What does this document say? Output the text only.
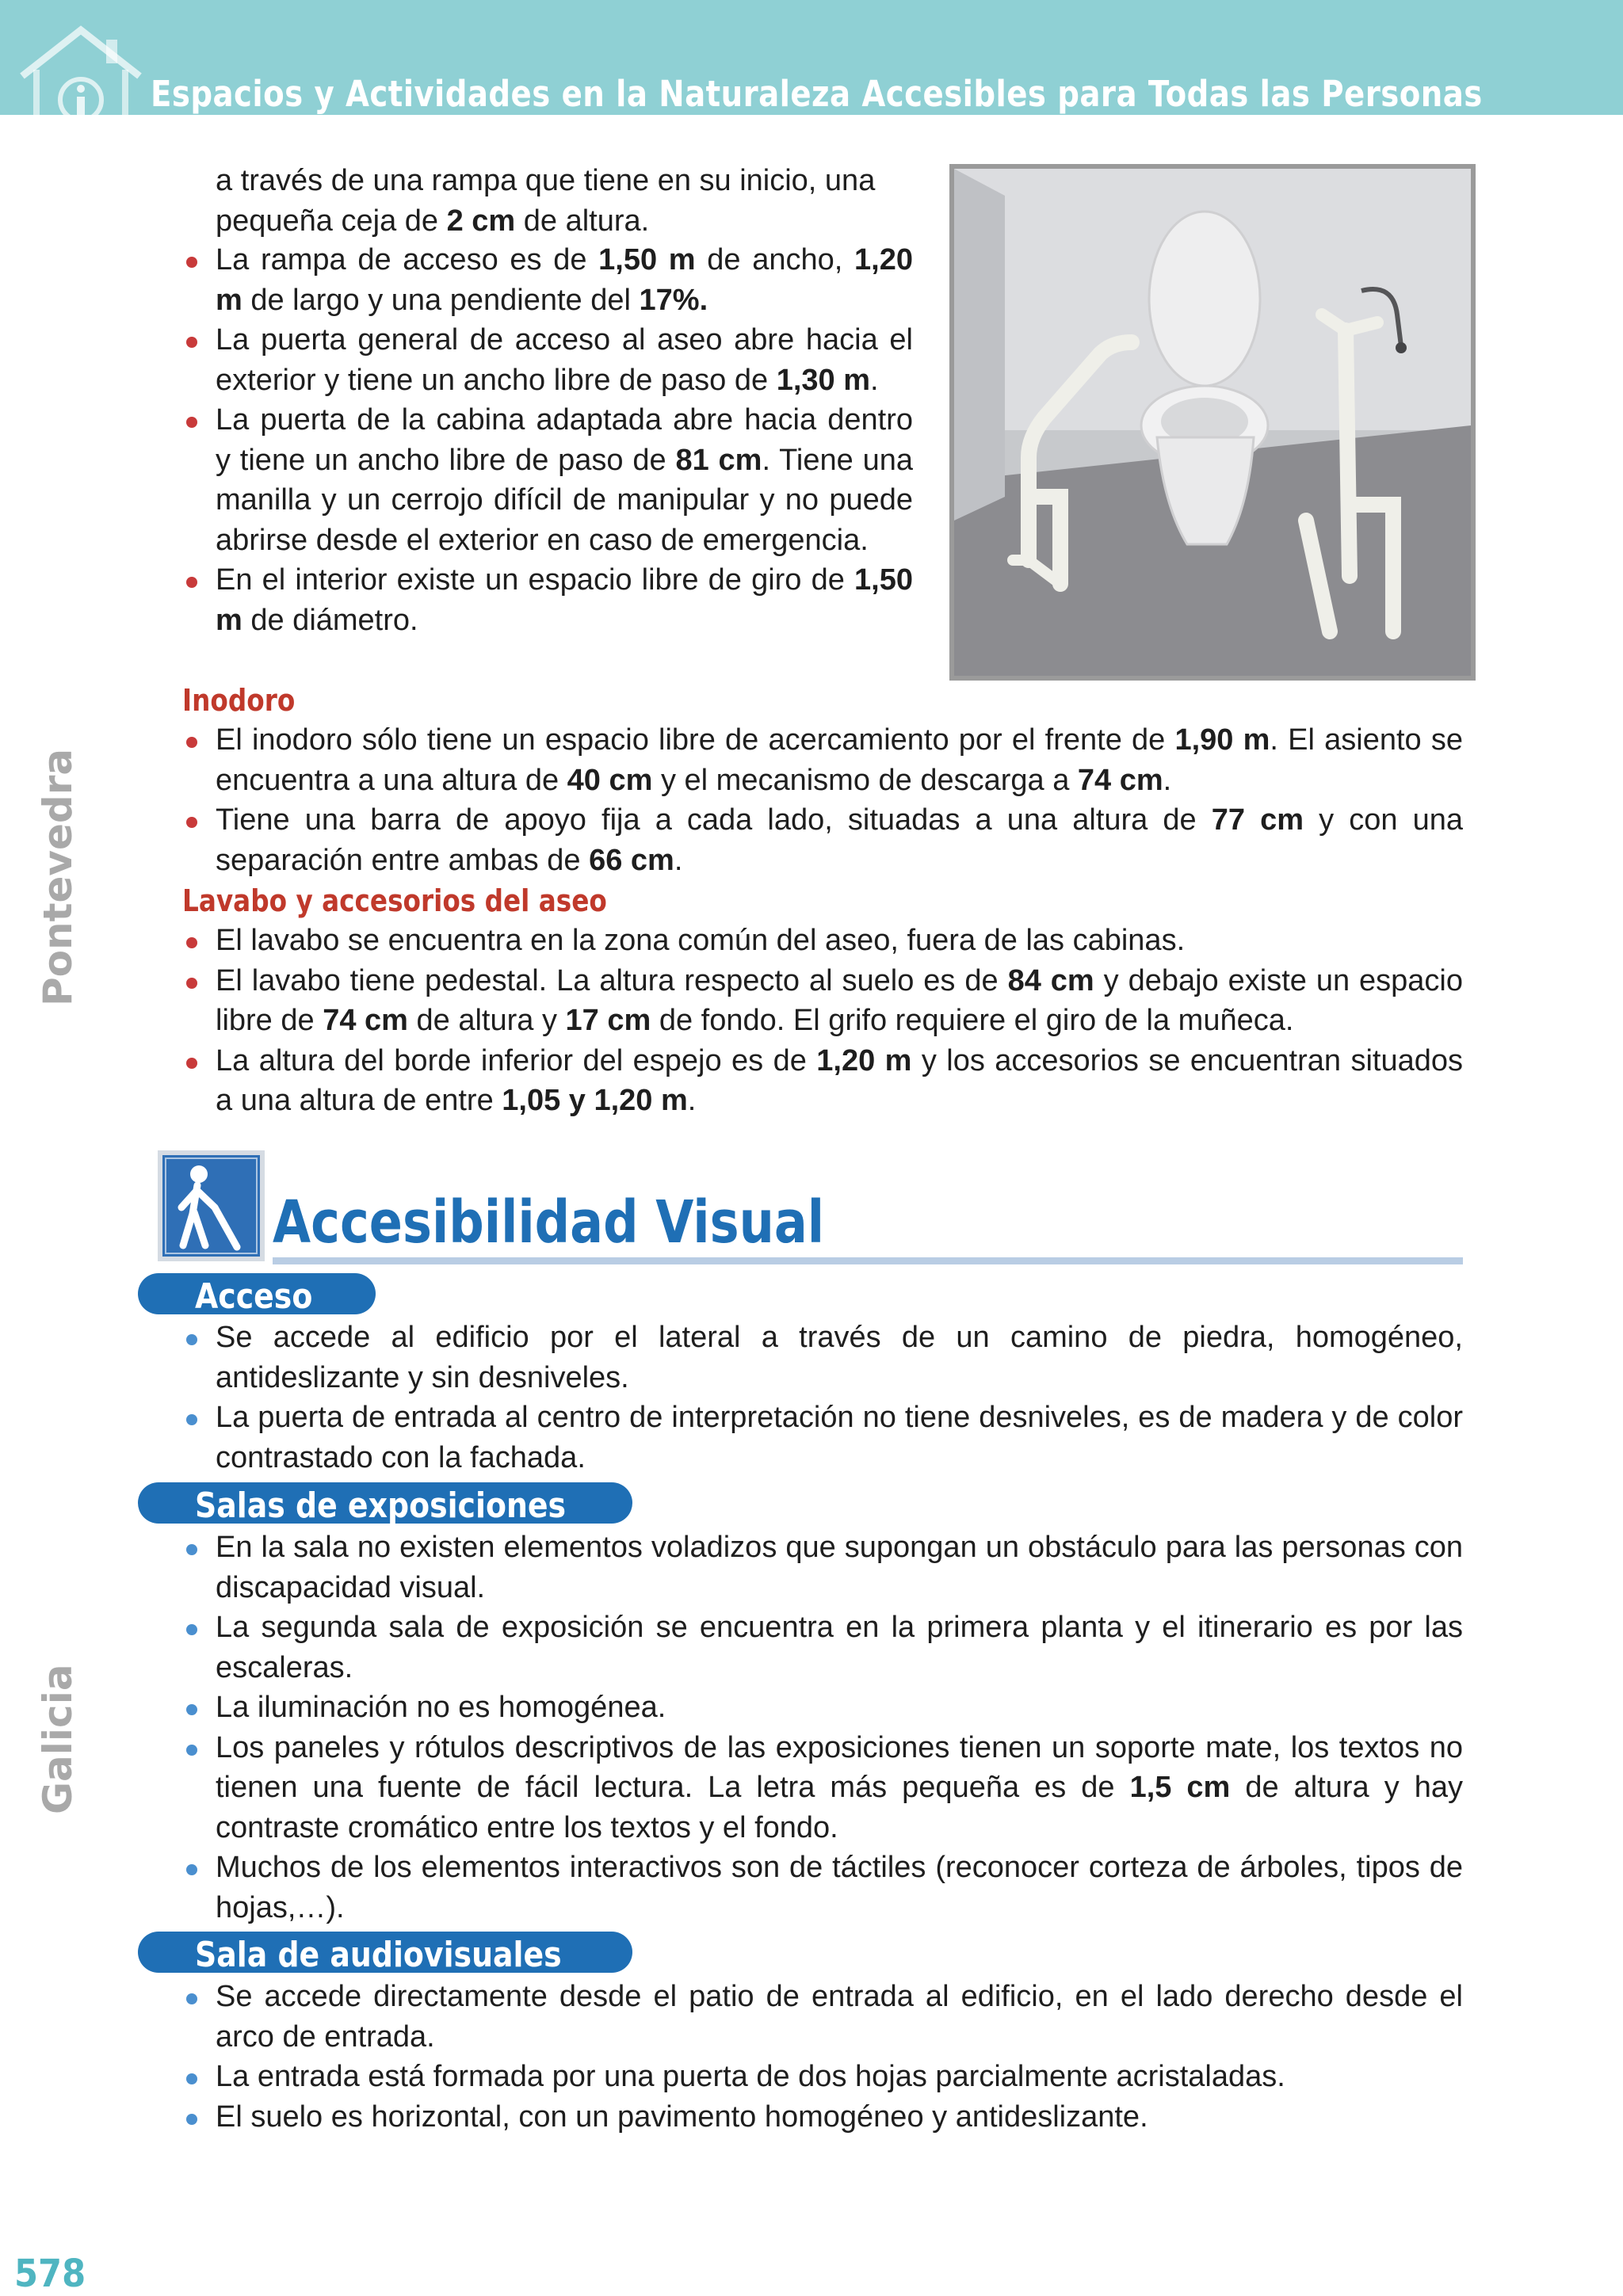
Espacios y Actividades en la Naturaleza Accesibles para Todas las Personas
Pontevedra
Galicia
a través de una rampa que tiene en su inicio, una pequeña ceja de 2 cm de altura.
La rampa de acceso es de 1,50 m de ancho, 1,20 m de largo y una pendiente del 17%.
La puerta general de acceso al aseo abre hacia el exterior y tiene un ancho libre de paso de 1,30 m.
La puerta de la cabina adaptada abre hacia dentro y tiene un ancho libre de paso de 81 cm. Tiene una manilla y un cerrojo difícil de manipular y no puede abrirse desde el exterior en caso de emergencia.
En el interior existe un espacio libre de giro de 1,50 m de diámetro.
Inodoro
El inodoro sólo tiene un espacio libre de acercamiento por el frente de 1,90 m. El asiento se encuentra a una altura de 40 cm y el mecanismo de descarga a 74 cm.
Tiene una barra de apoyo fija a cada lado, situadas a una altura de 77 cm y con una separación entre ambas de 66 cm.
Lavabo y accesorios del aseo
El lavabo se encuentra en la zona común del aseo, fuera de las cabinas.
El lavabo tiene pedestal. La altura respecto al suelo es de 84 cm y debajo existe un espacio libre de 74 cm de altura y 17 cm de fondo. El grifo requiere el giro de la muñeca.
La altura del borde inferior del espejo es de 1,20 m y los accesorios se encuentran situados a una altura de entre 1,05 y 1,20 m.
Accesibilidad Visual
Acceso
Se accede al edificio por el lateral a través de un camino de piedra, homogéneo, antideslizante y sin desniveles.
La puerta de entrada al centro de interpretación no tiene desniveles, es de madera y de color contrastado con la fachada.
Salas de exposiciones
En la sala no existen elementos voladizos que supongan un obstáculo para las personas con discapacidad visual.
La segunda sala de exposición se encuentra en la primera planta y el itinerario es por las escaleras.
La iluminación no es homogénea.
Los paneles y rótulos descriptivos de las exposiciones tienen un soporte mate, los textos no tienen una fuente de fácil lectura. La letra más pequeña es de 1,5 cm de altura y hay contraste cromático entre los textos y el fondo.
Muchos de los elementos interactivos son de táctiles (reconocer corteza de árboles, tipos de hojas,…).
Sala de audiovisuales
Se accede directamente desde el patio de entrada al edificio, en el lado derecho desde el arco de entrada.
La entrada está formada por una puerta de dos hojas parcialmente acristaladas.
El suelo es horizontal, con un pavimento homogéneo y antideslizante.
578
